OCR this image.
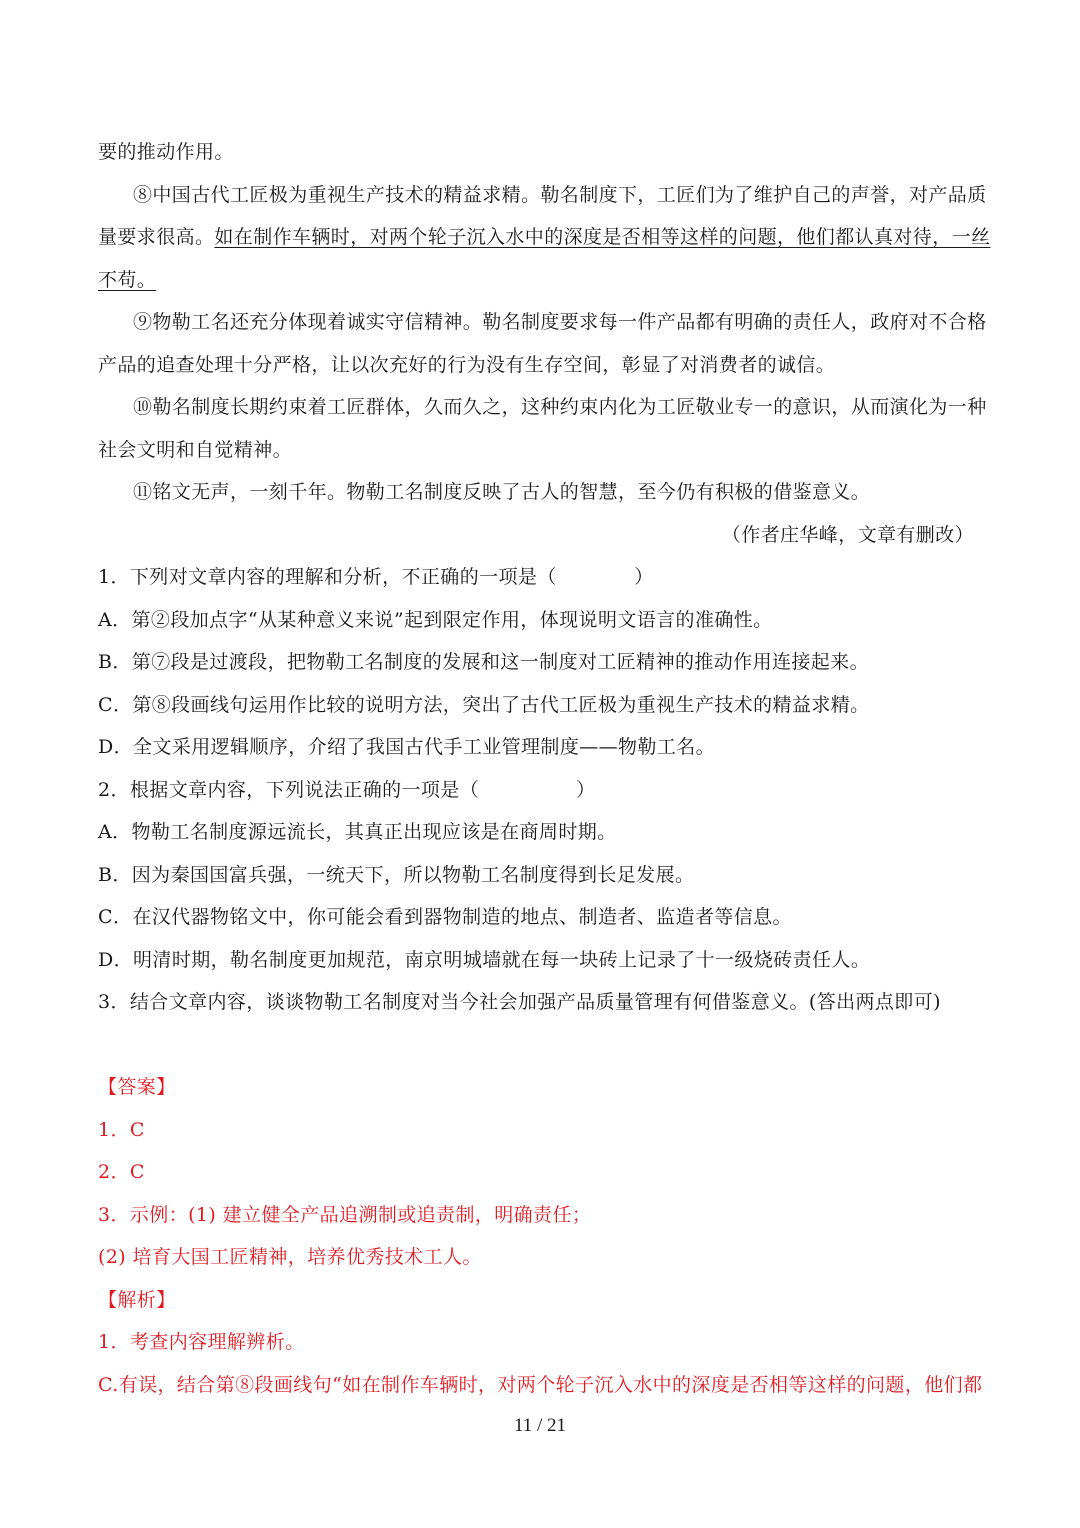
要的推动作用。
⑧中国古代工匠极为重视生产技术的精益求精。勒名制度下，工匠们为了维护自己的声誉，对产品质
量要求很高。如在制作车辆时，对两个轮子沉入水中的深度是否相等这样的问题，他们都认真对待，一丝
不苟。
⑨物勒工名还充分体现着诚实守信精神。勒名制度要求每一件产品都有明确的责任人，政府对不合格
产品的追查处理十分严格，让以次充好的行为没有生存空间，彰显了对消费者的诚信。
⑩勒名制度长期约束着工匠群体，久而久之，这种约束内化为工匠敬业专一的意识，从而演化为一种
社会文明和自觉精神。
⑪铭文无声，一刻千年。物勒工名制度反映了古人的智慧，至今仍有积极的借鉴意义。
（作者庄华峰，文章有删改）
1．下列对文章内容的理解和分析，不正确的一项是（　　　　）
A．第②段加点字“从某种意义来说”起到限定作用，体现说明文语言的准确性。
B．第⑦段是过渡段，把物勒工名制度的发展和这一制度对工匠精神的推动作用连接起来。
C．第⑧段画线句运用作比较的说明方法，突出了古代工匠极为重视生产技术的精益求精。
D．全文采用逻辑顺序，介绍了我国古代手工业管理制度——物勒工名。
2．根据文章内容，下列说法正确的一项是（　　　　　）
A．物勒工名制度源远流长，其真正出现应该是在商周时期。
B．因为秦国国富兵强，一统天下，所以物勒工名制度得到长足发展。
C．在汉代器物铭文中，你可能会看到器物制造的地点、制造者、监造者等信息。
D．明清时期，勒名制度更加规范，南京明城墙就在每一块砖上记录了十一级烧砖责任人。
3．结合文章内容，谈谈物勒工名制度对当今社会加强产品质量管理有何借鉴意义。(答出两点即可)
【答案】
1．C
2．C
3．示例：(1) 建立健全产品追溯制或追责制，明确责任；
(2) 培育大国工匠精神，培养优秀技术工人。
【解析】
1．考查内容理解辨析。
C.有误，结合第⑧段画线句“如在制作车辆时，对两个轮子沉入水中的深度是否相等这样的问题，他们都
11 / 21
